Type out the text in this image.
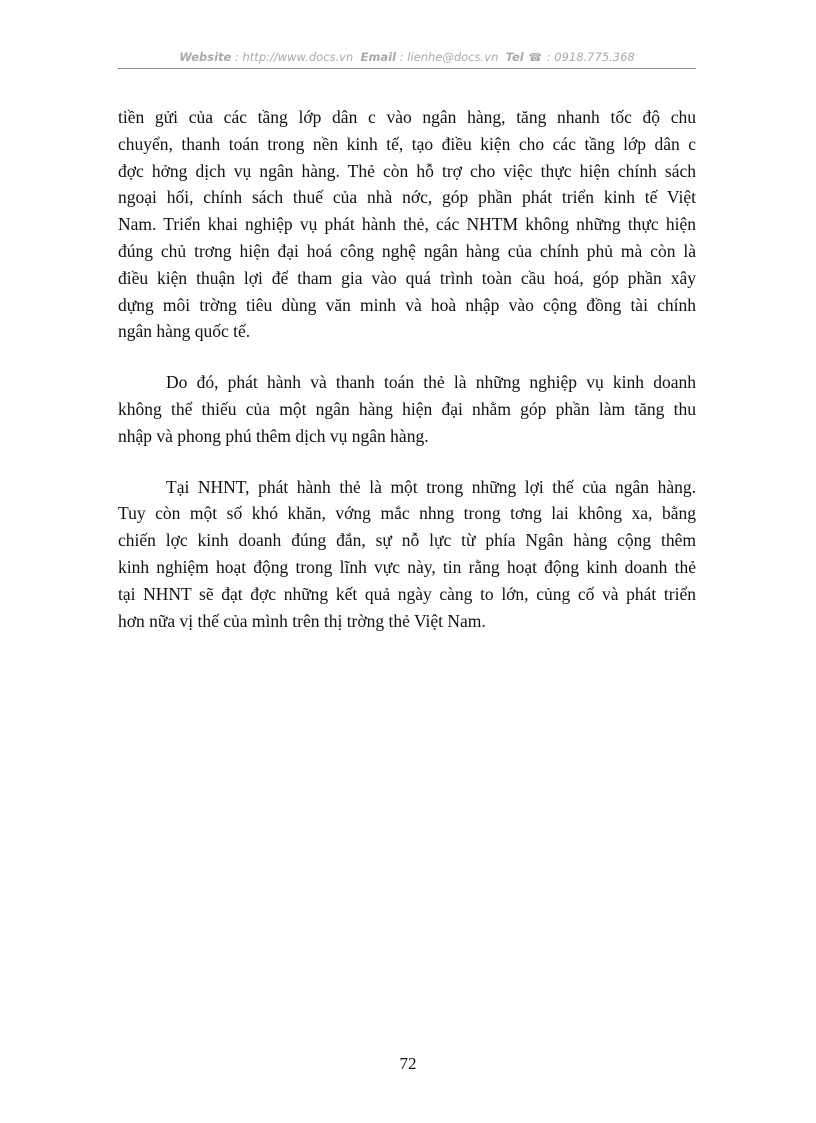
Website : http://www.docs.vn Email : lienhe@docs.vn Tel ☎ : 0918.775.368

tiền gửi của các tầng lớp dân c vào ngân hàng, tăng nhanh tốc độ chu
chuyển, thanh toán trong nền kinh tế, tạo điều kiện cho các tầng lớp dân c
đợc hởng dịch vụ ngân hàng. Thẻ còn hỗ trợ cho việc thực hiện chính sách
ngoại hối, chính sách thuế của nhà nớc, góp phần phát triển kinh tế Việt
Nam. Triển khai nghiệp vụ phát hành thẻ, các NHTM không những thực hiện
đúng chủ trơng hiện đại hoá công nghệ ngân hàng của chính phủ mà còn là
điều kiện thuận lợi để tham gia vào quá trình toàn cầu hoá, góp phần xây
dựng môi trờng tiêu dùng văn minh và hoà nhập vào cộng đồng tài chính
ngân hàng quốc tế.

Do đó, phát hành và thanh toán thẻ là những nghiệp vụ kinh doanh
không thể thiếu của một ngân hàng hiện đại nhằm góp phần làm tăng thu
nhập và phong phú thêm dịch vụ ngân hàng.

Tại NHNT, phát hành thẻ là một trong những lợi thế của ngân hàng.
Tuy còn một số khó khăn, vớng mắc nhng trong tơng lai không xa, bằng
chiến lợc kinh doanh đúng đắn, sự nỗ lực từ phía Ngân hàng cộng thêm
kinh nghiệm hoạt động trong lĩnh vực này, tin rằng hoạt động kinh doanh thẻ
tại NHNT sẽ đạt đợc những kết quả ngày càng to lớn, củng cố và phát triển
hơn nữa vị thế của mình trên thị trờng thẻ Việt Nam.

72
